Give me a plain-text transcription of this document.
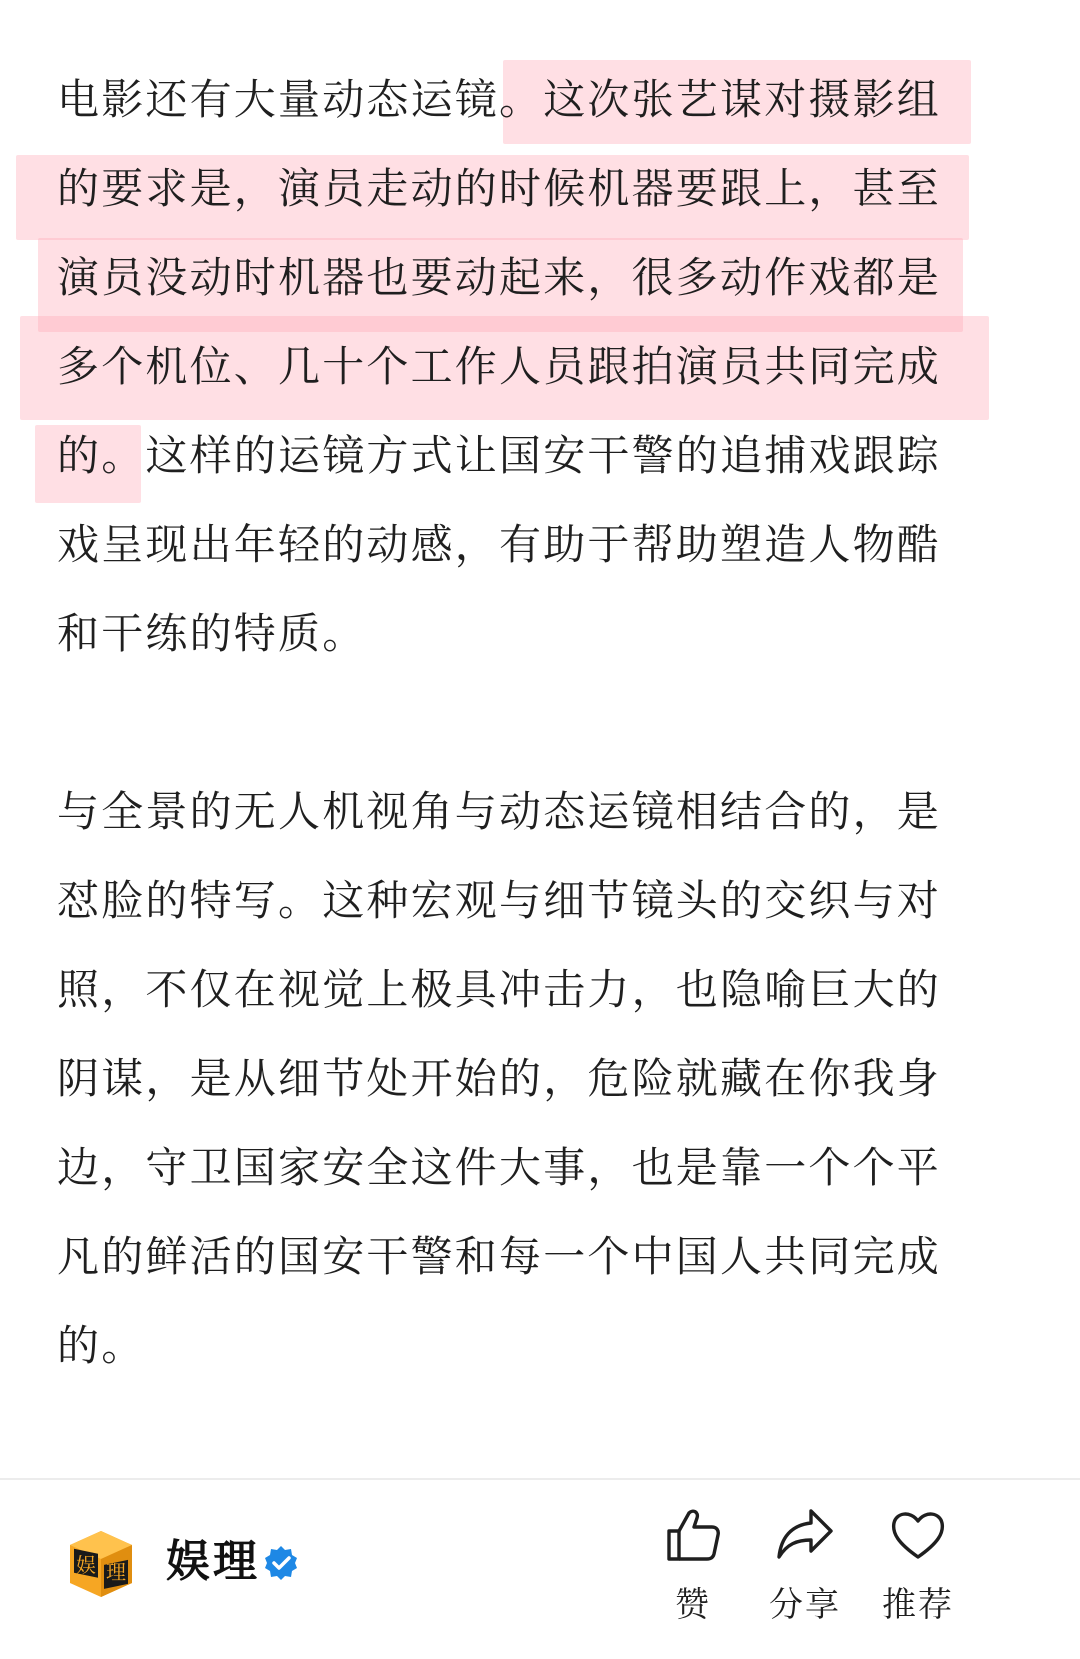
电影还有大量动态运镜。这次张艺谋对摄影组
的要求是，演员走动的时候机器要跟上，甚至
演员没动时机器也要动起来，很多动作戏都是
多个机位、几十个工作人员跟拍演员共同完成
的。这样的运镜方式让国安干警的追捕戏跟踪
戏呈现出年轻的动感，有助于帮助塑造人物酷
和干练的特质。
与全景的无人机视角与动态运镜相结合的，是
怼脸的特写。这种宏观与细节镜头的交织与对
照，不仅在视觉上极具冲击力，也隐喻巨大的
阴谋，是从细节处开始的，危险就藏在你我身
边，守卫国家安全这件大事，也是靠一个个平
凡的鲜活的国安干警和每一个中国人共同完成
的。
娱 理 娱理
赞	分享	推荐
